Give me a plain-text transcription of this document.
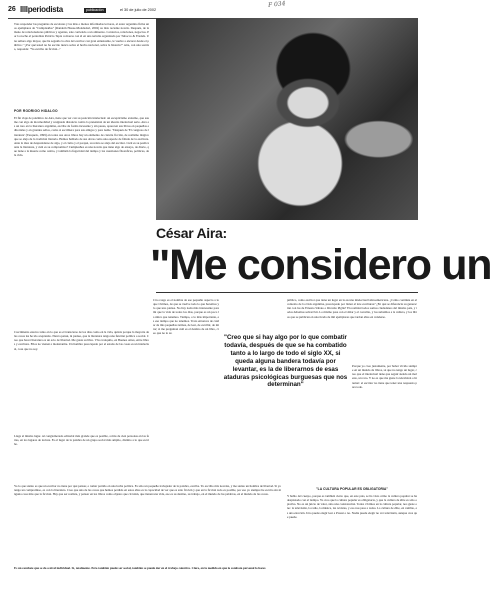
26 llllperiodista	publicación	el 30 de julio de 2002
F 034
Tras responder las preguntas de escolares y las más o menos informadas lectores, el autor argentino firma unos ejemplares de "Cumpleaños" (Random House-Mondadori, 2002) su más reciente novela. Después, de la mano de relacionadores públicos y agentes, sale corriendo a un almuerzo. Contactos, relaciones, negocios. Por la noche el periodista Patricio Tapia conversa con él en una tertulia organizada por Tubocco & Friends. Una señora algo mayor, que ha seguido la obra del escritor con gran entusiasmo, le vuelve a encarar desde el público: "¿Por qué usted no ha escrito nunca sobre el hecho nacional, sobre la historia?" Aira, con una sonrisa, responde: "Yo escribo de ficción..."
POR RODRIGO HIDALGO
El fin viaje de polémico de Aira, tiene que ver con su posición intelectual: un escepticismo extremo, que asume con algo de incomodidad y resignada distancia contra la pretensión de un ideario intelectual serio. Aira es un raro en la literatura argentina, escribe de forma incesante y sin pausa, aparecen sus libros en pequeñas editoriales y en grandes sellos, como si escribiera para sus amigos y para nadie. "Después de 'El congreso de literatura' (Tusquets, 1999) en todos sus otros libros hay un elemento de ciencia ficción, de realismo mágico que se aleja de la tradición literaria. Hemos hablado de sus obras como una especie de fábula de la escritura. Ante la idea de desprenderse de algo, y el cómo y el porqué, su relato se aleja del escritor. Cuál es su poética ante la literatura, y cuál es su compromiso? Cumpleaños es una novela que tiene algo de ensayo, de diario, que tiene a la muerte como centro, y también la fugacidad del tiempo y las cuestiones filosóficas, políticas, de la vida.
César Aira:
"Me considero un
Crecimiento estoico tanto en lo que es el transcurso de los días como en la vida, quizás porque la mayoría de las cosas las he ido aceptando. Nunca pensé, ni pienso, que la literatura tenga una función política o social. Creo que hacer literatura es un acto de libertad. Me gusta su libro. Vivo tranquilo, en Buenos Aires, entre libros y escritura. Ellos no vienen a molestarme. Un hombre preocupado por el estado de las cosas es un intelectual, cosa que no soy.
Llega al mismo lugar. Al conglomerado editorial más grande que es posible, a más de cien personas en las ferias, en los lugares de lectura. Es el lugar de la palabra de un grupo social más amplio, distinto a lo que escribe.
Ctro rasgo es el nombre de ese pequeño aspecto a lo que vivimos, de que se vuelve todo lo que hacemos y lo que uno piensa. No hay nada más interesante para mí que la vida de todos los días, porque es un poco la única que tenemos. Tiempo, o lo más importante, es ese tiempo que no tenemos. Trato entonces de cuidar de mis pequeñas rutinas, de leer, de escribir, de mirar; si me preguntan cuál es el destino de un libro, creo que no lo sé.
público, como escritor que tiene un lugar en la escena intelectual latinoamericana. ¿Cómo continúa en el contexto de la crisis argentina, preocupado por llenar el lote escrituras? ¿En qué se diferencia su generación con las de Ernesto Sábato o Ricardo Piglia? En realidad todos somos ciudadanos del mismo país, y todos debemos sobrevivir. Lo mismo pasa con el dólar y el corralito, y los subsidios a la cultura, y los libros que se publican en una tirada de mil ejemplares que tardan años en venderse.
Porque yo creo justamente, por haber vivido siempre en un mundo de libros, sé que no tengo un lugar, creo que el intelectual tiene que seguir siendo un molesto, un raro. Y no es que me guste la televisión o Internet: el escritor no tiene que tener una respuesta para todo.
"Creo que si hay algo por lo que combatir todavía, después de que se ha combatido tanto a lo largo de todo el siglo XX, si queda alguna bandera todavía por levantar, es la de liberarnos de esas ataduras psicológicas burguesas que nos determinan"
"LA CULTURA POPULAR ES OBLIGATORIA"
Yo lo que siento es que un escritor no tiene por qué pensar, o tomar partido en una lucha política. Es sólo un pequeño trabajador de la palabra, escribe. Yo escribo mis novelas, y me siento un hombre de libertad. Si yo tengo un compromiso, es con la literatura. Creo que una de las cosas que hemos perdido en estos años es la capacidad de ver que es sólo ficción y que en la ficción todo es posible, por eso yo siempre he escrito sin ninguna cosa más que la ficción. Hay que ser realista, y pensar en los libros como objetos que circulan, que tienen una vida, ese es su destino, su trabajo, en el mundo de las palabras, en el mundo de las cosas.
Es un combate que se da a nivel individual. Sí, totalmente. Pero también puede ser social, también se puede dar en el trabajo colectivo. Claro, en la medida en que lo combata personal lo haces
Y hablo del cuerpo, porque es también cierto que, en este país, se ha visto cómo la cultura popular se ha desplazado con el tiempo. Yo creo que la cultura popular es obligatoria, y que la cultura de élite es sólo optativa. No es un juicio de valor, sino una constatación. Todos vivimos en la cultura popular, nos guste o no: la televisión, la radio, la música, las revistas, y eso nos pasa a todos. La cultura de élite, en cambio, es una elección. Uno puede elegir leer a Proust o no. Nadie puede elegir no ver televisión, aunque crea que puede.
